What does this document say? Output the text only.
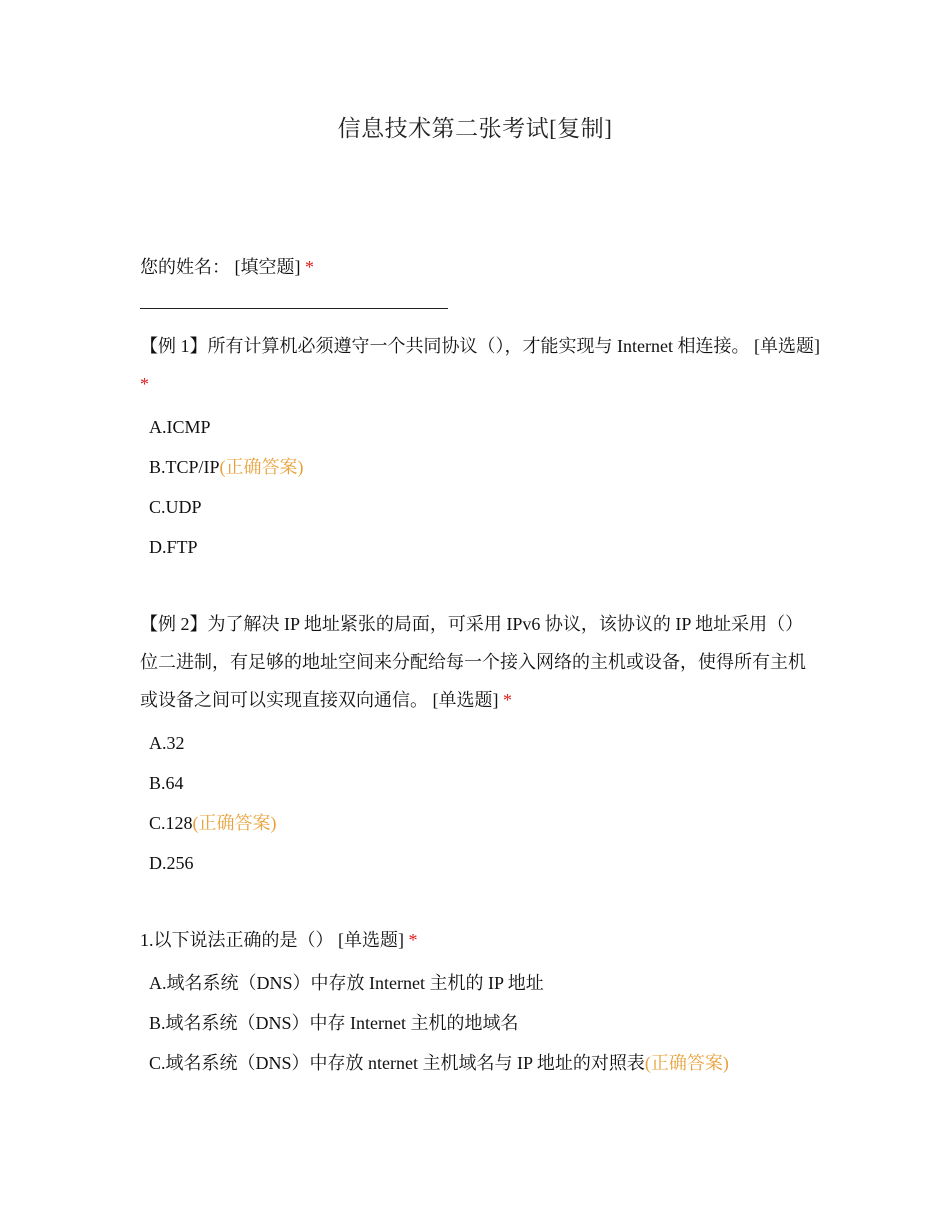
信息技术第二张考试[复制]

您的姓名： [填空题] *

【例 1】所有计算机必须遵守一个共同协议（），才能实现与 Internet 相连接。 [单选题] *

A.ICMP
B.TCP/IP(正确答案)
C.UDP
D.FTP

【例 2】为了解决 IP 地址紧张的局面，可采用 IPv6 协议，该协议的 IP 地址采用（）位二进制，有足够的地址空间来分配给每一个接入网络的主机或设备，使得所有主机或设备之间可以实现直接双向通信。 [单选题] *

A.32
B.64
C.128(正确答案)
D.256

1.以下说法正确的是（） [单选题] *

A.域名系统（DNS）中存放 Internet 主机的 IP 地址
B.域名系统（DNS）中存 Internet 主机的地域名
C.域名系统（DNS）中存放 nternet 主机域名与 IP 地址的对照表(正确答案)
